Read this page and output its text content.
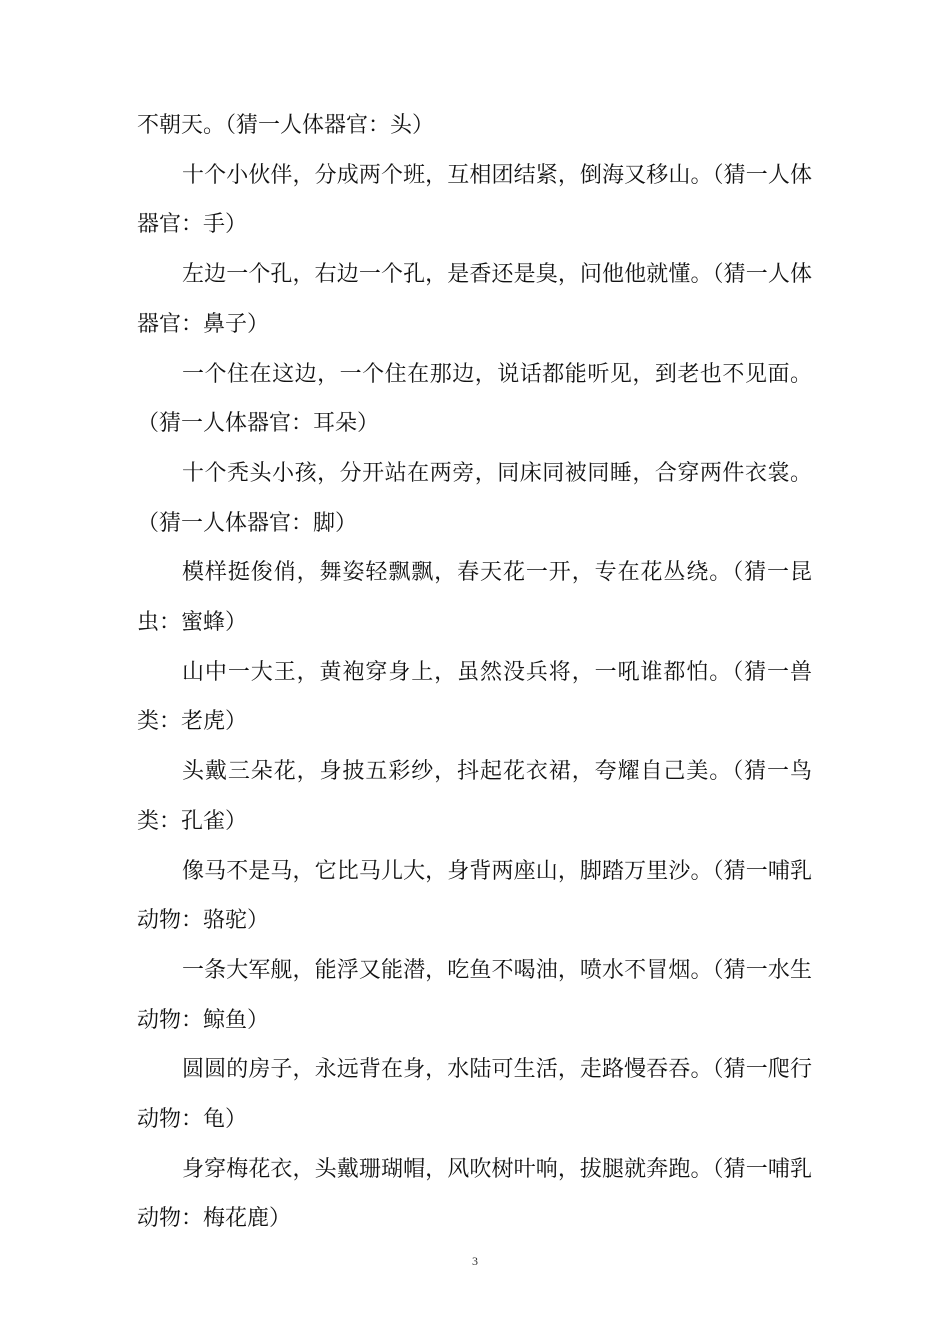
不朝天。（猜一人体器官：头）

十个小伙伴，分成两个班，互相团结紧，倒海又移山。（猜一人体器官：手）

左边一个孔，右边一个孔，是香还是臭，问他他就懂。（猜一人体器官：鼻子）

一个住在这边，一个住在那边，说话都能听见，到老也不见面。（猜一人体器官：耳朵）

十个秃头小孩，分开站在两旁，同床同被同睡，合穿两件衣裳。（猜一人体器官：脚）

模样挺俊俏，舞姿轻飘飘，春天花一开，专在花丛绕。（猜一昆虫：蜜蜂）

山中一大王，黄袍穿身上，虽然没兵将，一吼谁都怕。（猜一兽类：老虎）

头戴三朵花，身披五彩纱，抖起花衣裙，夸耀自己美。（猜一鸟类：孔雀）

像马不是马，它比马儿大，身背两座山，脚踏万里沙。（猜一哺乳动物：骆驼）

一条大军舰，能浮又能潜，吃鱼不喝油，喷水不冒烟。（猜一水生动物：鲸鱼）

圆圆的房子，永远背在身，水陆可生活，走路慢吞吞。（猜一爬行动物：龟）

身穿梅花衣，头戴珊瑚帽，风吹树叶响，拔腿就奔跑。（猜一哺乳动物：梅花鹿）

3
